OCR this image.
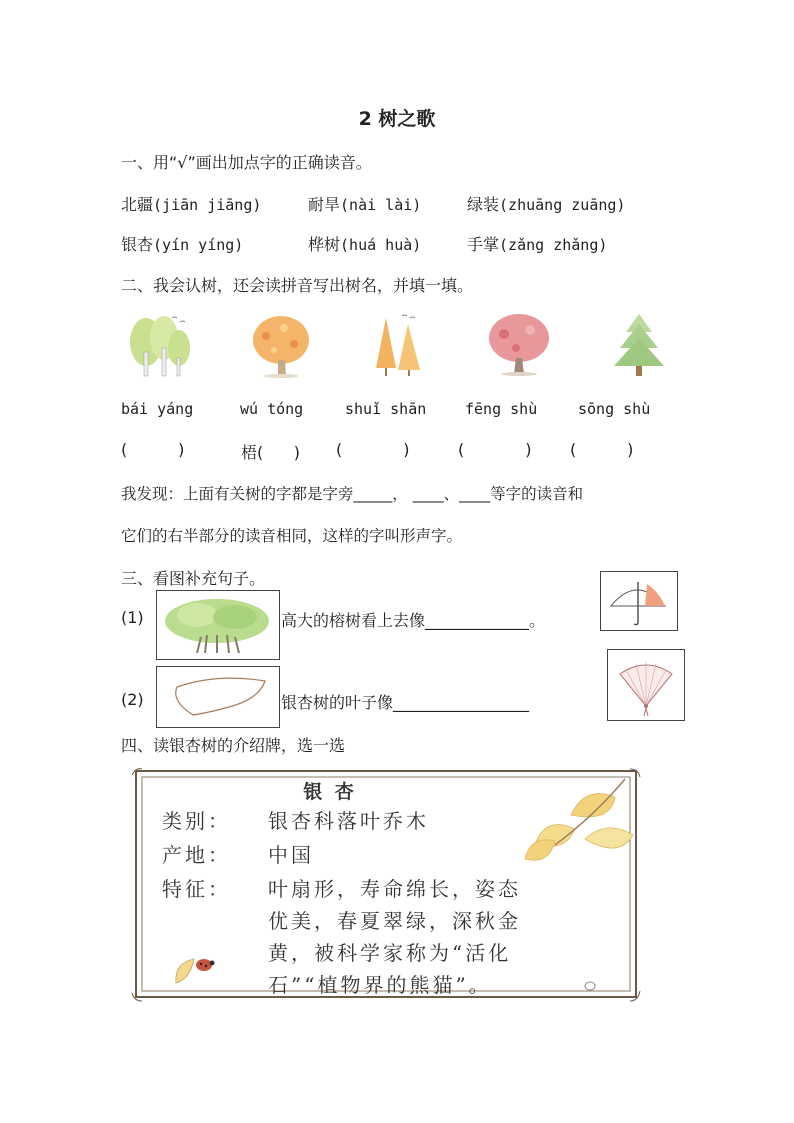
2 树之歌
一、用“√”画出加点字的正确读音。
北疆(jiān jiāng)	耐旱(nài lài)	绿装(zhuāng zuāng)
银杏(yín yíng)	桦树(huá huà)	手掌(zǎng zhǎng)
二、我会认树，还会读拼音写出树名，并填一填。
bái yáng	wú tóng	shuǐ shān	fēng shù	sōng shù
(          )	梧(      ) (            )	(            ) (          )
我发现：上面有关树的字都是字旁_____， ____、____等字的读音和
它们的右半部分的读音相同，这样的字叫形声字。
三、看图补充句子。
(1)	高大的榕树看上去像_____________。
(2)	银杏树的叶子像_________________
四、读银杏树的介绍牌，选一选
银 杏
类别： 银杏科落叶乔木
产地： 中国
特征： 叶扇形，寿命绵长，姿态
优美，春夏翠绿，深秋金
黄，被科学家称为“活化
石”“植物界的熊猫”。
